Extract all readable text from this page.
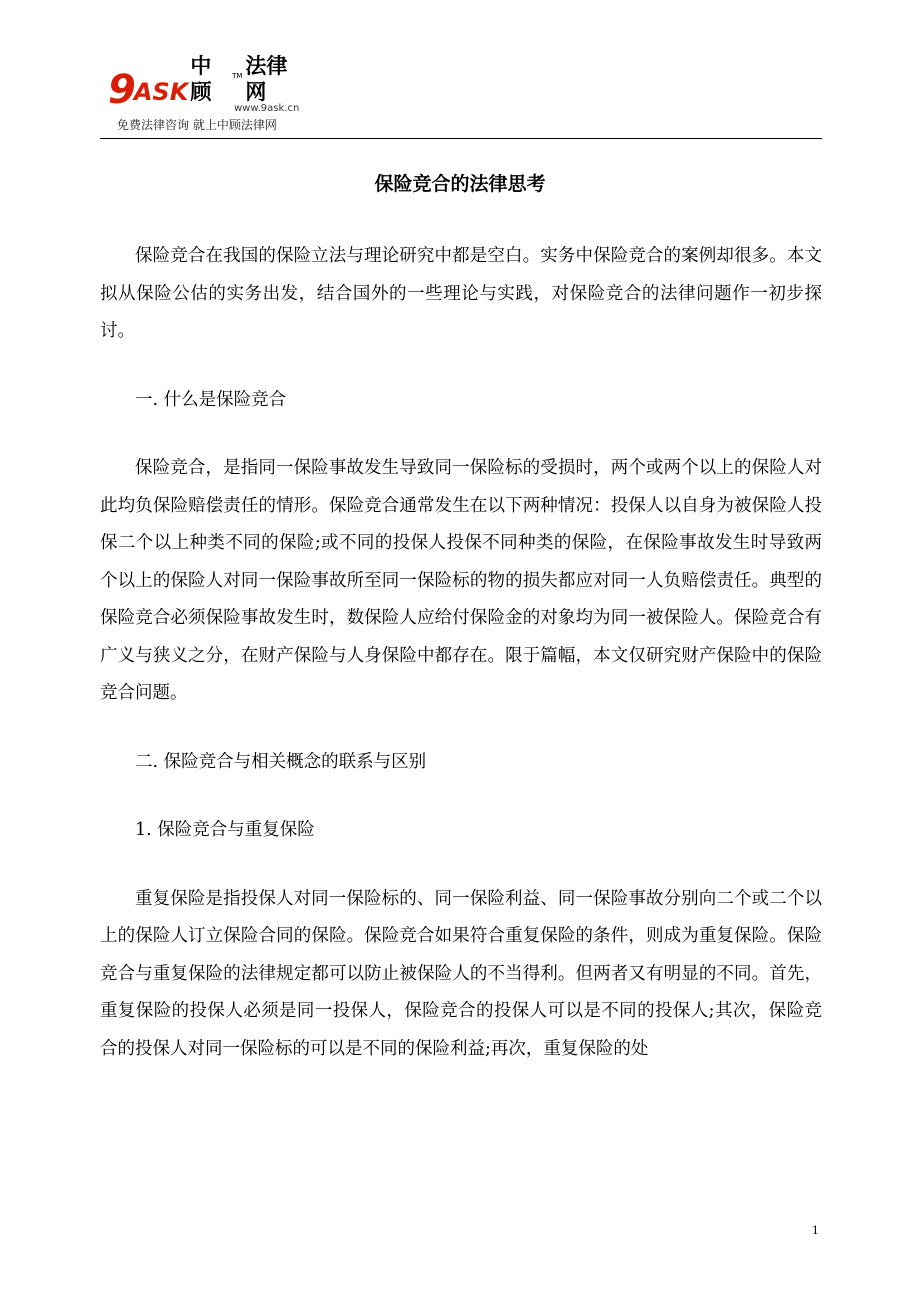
9 ASK
中顾
TM 法律网
www.9ask.cn
免费法律咨询 就上中顾法律网
保险竞合的法律思考

保险竞合在我国的保险立法与理论研究中都是空白。实务中保险竞合的案例却很多。本文拟从保险公估的实务出发，结合国外的一些理论与实践，对保险竞合的法律问题作一初步探讨。

一. 什么是保险竞合

保险竞合，是指同一保险事故发生导致同一保险标的受损时，两个或两个以上的保险人对此均负保险赔偿责任的情形。保险竞合通常发生在以下两种情况：投保人以自身为被保险人投保二个以上种类不同的保险;或不同的投保人投保不同种类的保险，在保险事故发生时导致两个以上的保险人对同一保险事故所至同一保险标的物的损失都应对同一人负赔偿责任。典型的保险竞合必须保险事故发生时，数保险人应给付保险金的对象均为同一被保险人。保险竞合有广义与狭义之分，在财产保险与人身保险中都存在。限于篇幅，本文仅研究财产保险中的保险竞合问题。

二. 保险竞合与相关概念的联系与区别

1. 保险竞合与重复保险

重复保险是指投保人对同一保险标的、同一保险利益、同一保险事故分别向二个或二个以上的保险人订立保险合同的保险。保险竞合如果符合重复保险的条件，则成为重复保险。保险竞合与重复保险的法律规定都可以防止被保险人的不当得利。但两者又有明显的不同。首先，重复保险的投保人必须是同一投保人，保险竞合的投保人可以是不同的投保人;其次，保险竞合的投保人对同一保险标的可以是不同的保险利益;再次，重复保险的处

1
